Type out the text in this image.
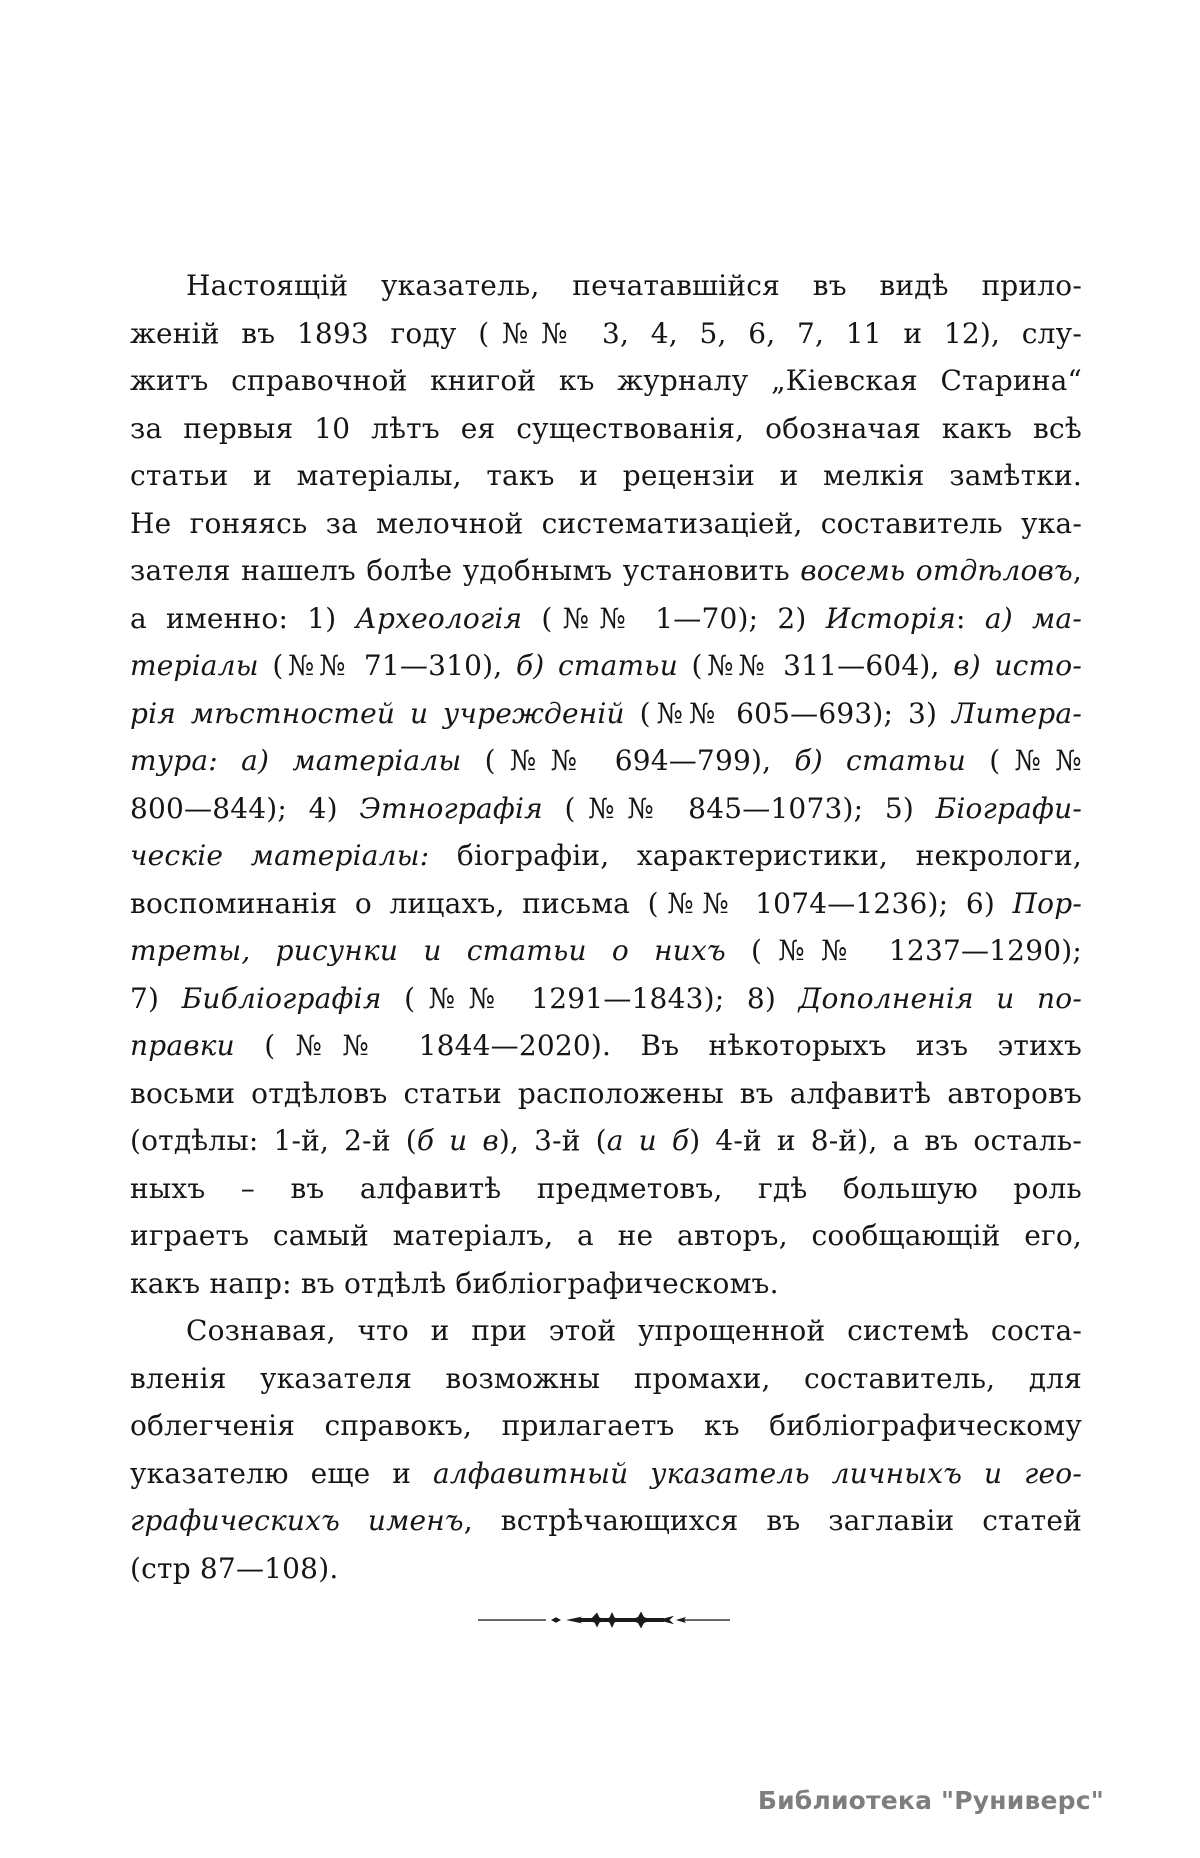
Настоящій указатель, печатавшійся въ видѣ прило-
женій въ 1893 году (№№ 3, 4, 5, 6, 7, 11 и 12), слу-
житъ справочной книгой къ журналу „Кіевская Старина“
за первыя 10 лѣтъ ея существованія, обозначая какъ всѣ
статьи и матеріалы, такъ и рецензіи и мелкія замѣтки.
Не гоняясь за мелочной систематизаціей, составитель ука-
зателя нашелъ болѣе удобнымъ установить восемь отдѣловъ,
а именно: 1) Археологія (№№ 1—70); 2) Исторія: а) ма-
теріалы (№№ 71—310), б) статьи (№№ 311—604), в) исто-
рія мѣстностей и учрежденій (№№ 605—693); 3) Литера-
тура: а) матеріалы (№№ 694—799), б) статьи (№№
800—844); 4) Этнографія (№№ 845—1073); 5) Біографи-
ческіе матеріалы: біографіи, характеристики, некрологи,
воспоминанія о лицахъ, письма (№№ 1074—1236); 6) Пор-
треты, рисунки и статьи о нихъ (№№ 1237—1290);
7) Библіографія (№№ 1291—1843); 8) Дополненія и по-
правки (№№ 1844—2020). Въ нѣкоторыхъ изъ этихъ
восьми отдѣловъ статьи расположены въ алфавитѣ авторовъ
(отдѣлы: 1-й, 2-й (б и в), 3-й (а и б) 4-й и 8-й), а въ осталь-
ныхъ – въ алфавитѣ предметовъ, гдѣ большую роль
играетъ самый матеріалъ, а не авторъ, сообщающій его,
какъ напр: въ отдѣлѣ библіографическомъ.
Сознавая, что и при этой упрощенной системѣ соста-
вленія указателя возможны промахи, составитель, для
облегченія справокъ, прилагаетъ къ библіографическому
указателю еще и алфавитный указатель личныхъ и гео-
графическихъ именъ, встрѣчающихся въ заглавіи статей
(стр 87—108).
Библиотека "Руниверс"
